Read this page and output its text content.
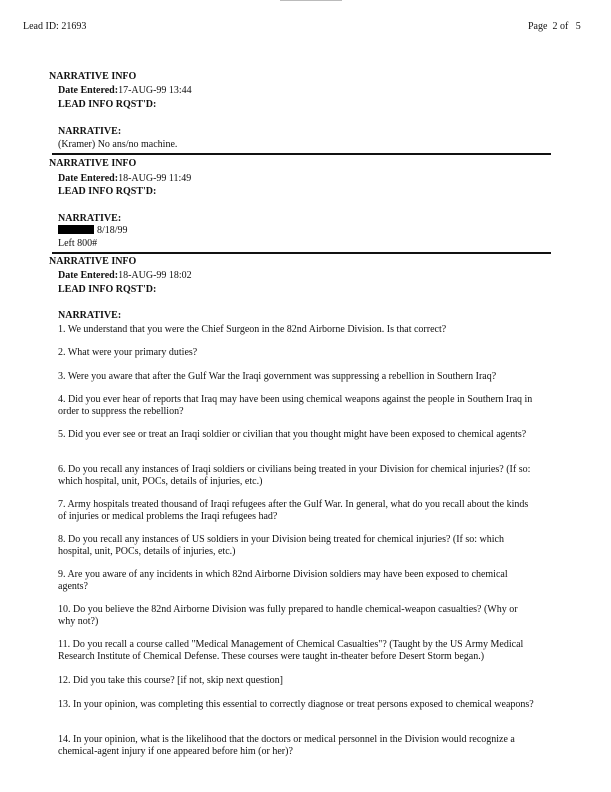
Lead ID: 21693	Page  2 of   5
NARRATIVE INFO
Date Entered:17-AUG-99 13:44
LEAD INFO RQST'D:
NARRATIVE:
(Kramer) No ans/no machine.
NARRATIVE INFO
Date Entered:18-AUG-99 11:49
LEAD INFO RQST'D:
NARRATIVE:
8/18/99
Left 800#
NARRATIVE INFO
Date Entered:18-AUG-99 18:02
LEAD INFO RQST'D:
NARRATIVE:
1. We understand that you were the Chief Surgeon in the 82nd Airborne Division. Is that correct?
2. What were your primary duties?
3. Were you aware that after the Gulf War the Iraqi government was suppressing a rebellion in Southern Iraq?
4. Did you ever hear of reports that Iraq may have been using chemical weapons against the people in Southern Iraq in order to suppress the rebellion?
5. Did you ever see or treat an Iraqi soldier or civilian that you thought might have been exposed to chemical agents?
6. Do you recall any instances of Iraqi soldiers or civilians being treated in your Division for chemical injuries? (If so: which hospital, unit, POCs, details of injuries, etc.)
7. Army hospitals treated thousand of Iraqi refugees after the Gulf War. In general, what do you recall about the kinds of injuries or medical problems the Iraqi refugees had?
8. Do you recall any instances of US soldiers in your Division being treated for chemical injuries? (If so: which hospital, unit, POCs, details of injuries, etc.)
9. Are you aware of any incidents in which 82nd Airborne Division soldiers may have been exposed to chemical agents?
10. Do you believe the 82nd Airborne Division was fully prepared to handle chemical-weapon casualties? (Why or why not?)
11. Do you recall a course called "Medical Management of Chemical Casualties"? (Taught by the US Army Medical Research Institute of Chemical Defense. These courses were taught in-theater before Desert Storm began.)
12. Did you take this course? [if not, skip next question]
13. In your opinion, was completing this essential to correctly diagnose or treat persons exposed to chemical weapons?
14. In your opinion, what is the likelihood that the doctors or medical personnel in the Division would recognize a chemical-agent injury if one appeared before him (or her)?
